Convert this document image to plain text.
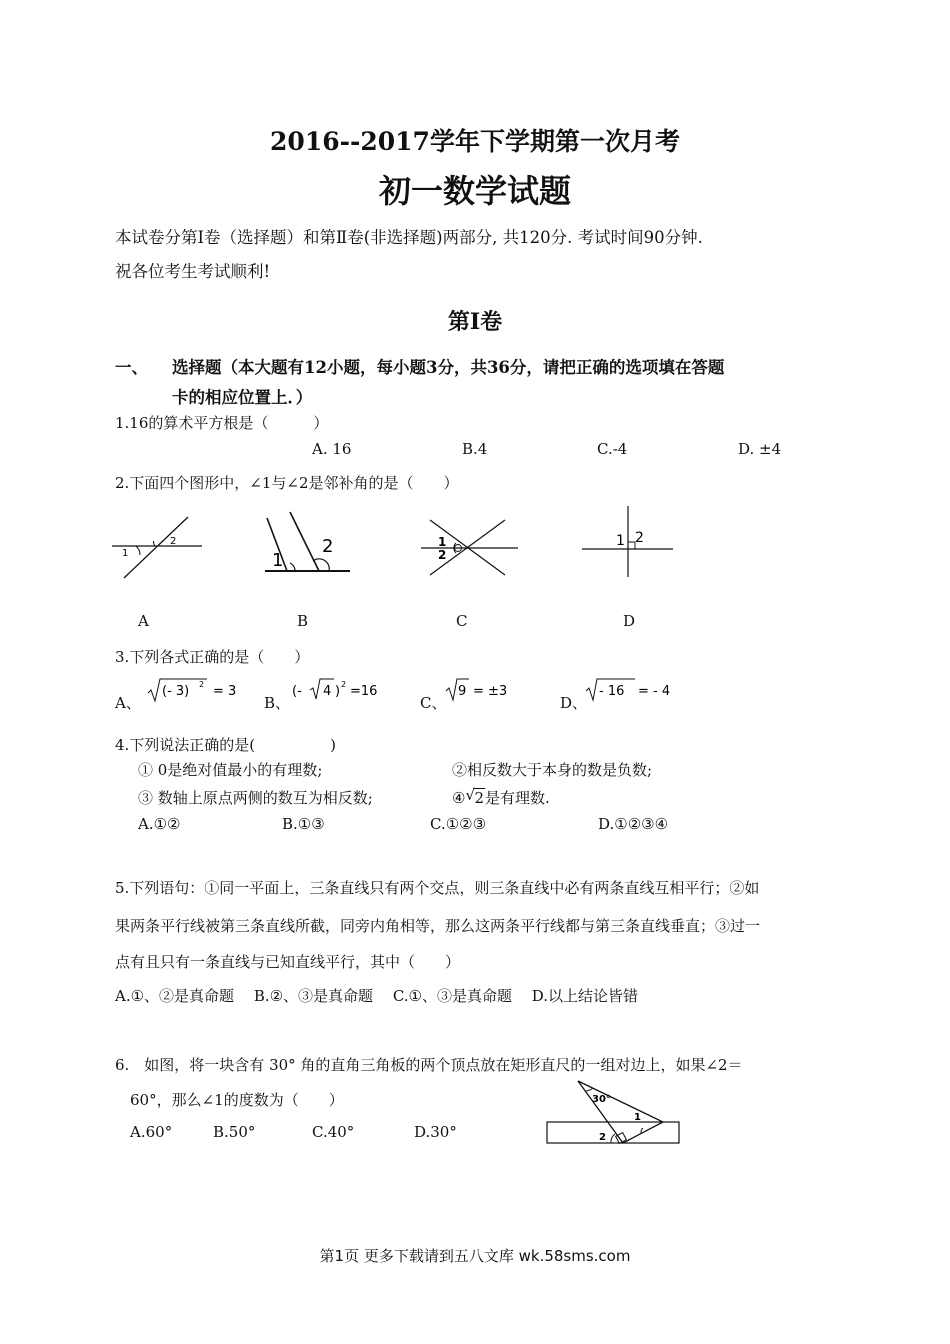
2016--2017学年下学期第一次月考
初一数学试题
本试卷分第Ⅰ卷（选择题）和第Ⅱ卷(非选择题)两部分, 共120分. 考试时间90分钟.
祝各位考生考试顺利!
第Ⅰ卷
一、 选择题（本大题有12小题，每小题3分，共36分，请把正确的选项填在答题
卡的相应位置上．）
1.16的算术平方根是（　　　）
A. 16	B.4	C.-4	D. ±4
2.下面四个图形中，∠1与∠2是邻补角的是（　　）
1
2
1
2	1
2
1 2
A	B	C	D
3.下列各式正确的是（　　）
A、
(- 3) 2 = 3
B、
(- 4 ) 2 =16
C、
9 = ±3
D、
- 16 = - 4
4.下列说法正确的是(　　　　　)
① 0是绝对值最小的有理数;	②相反数大于本身的数是负数;
③ 数轴上原点两侧的数互为相反数;	④ √ 2是有理数.
A.①②	B.①③	C.①②③	D.①②③④
5.下列语句：①同一平面上，三条直线只有两个交点，则三条直线中必有两条直线互相平行；②如
果两条平行线被第三条直线所截，同旁内角相等，那么这两条平行线都与第三条直线垂直；③过一
点有且只有一条直线与已知直线平行，其中（　　）
A.①、②是真命题　 B.②、③是真命题　 C.①、③是真命题　 D.以上结论皆错
6.　如图，将一块含有 30° 角的直角三角板的两个顶点放在矩形直尺的一组对边上，如果∠2＝
60°，那么∠1的度数为（　　）
A.60°	B.50°	C.40°	D.30°
30°
1
2
第1页 更多下载请到五八文库 wk.58sms.com
